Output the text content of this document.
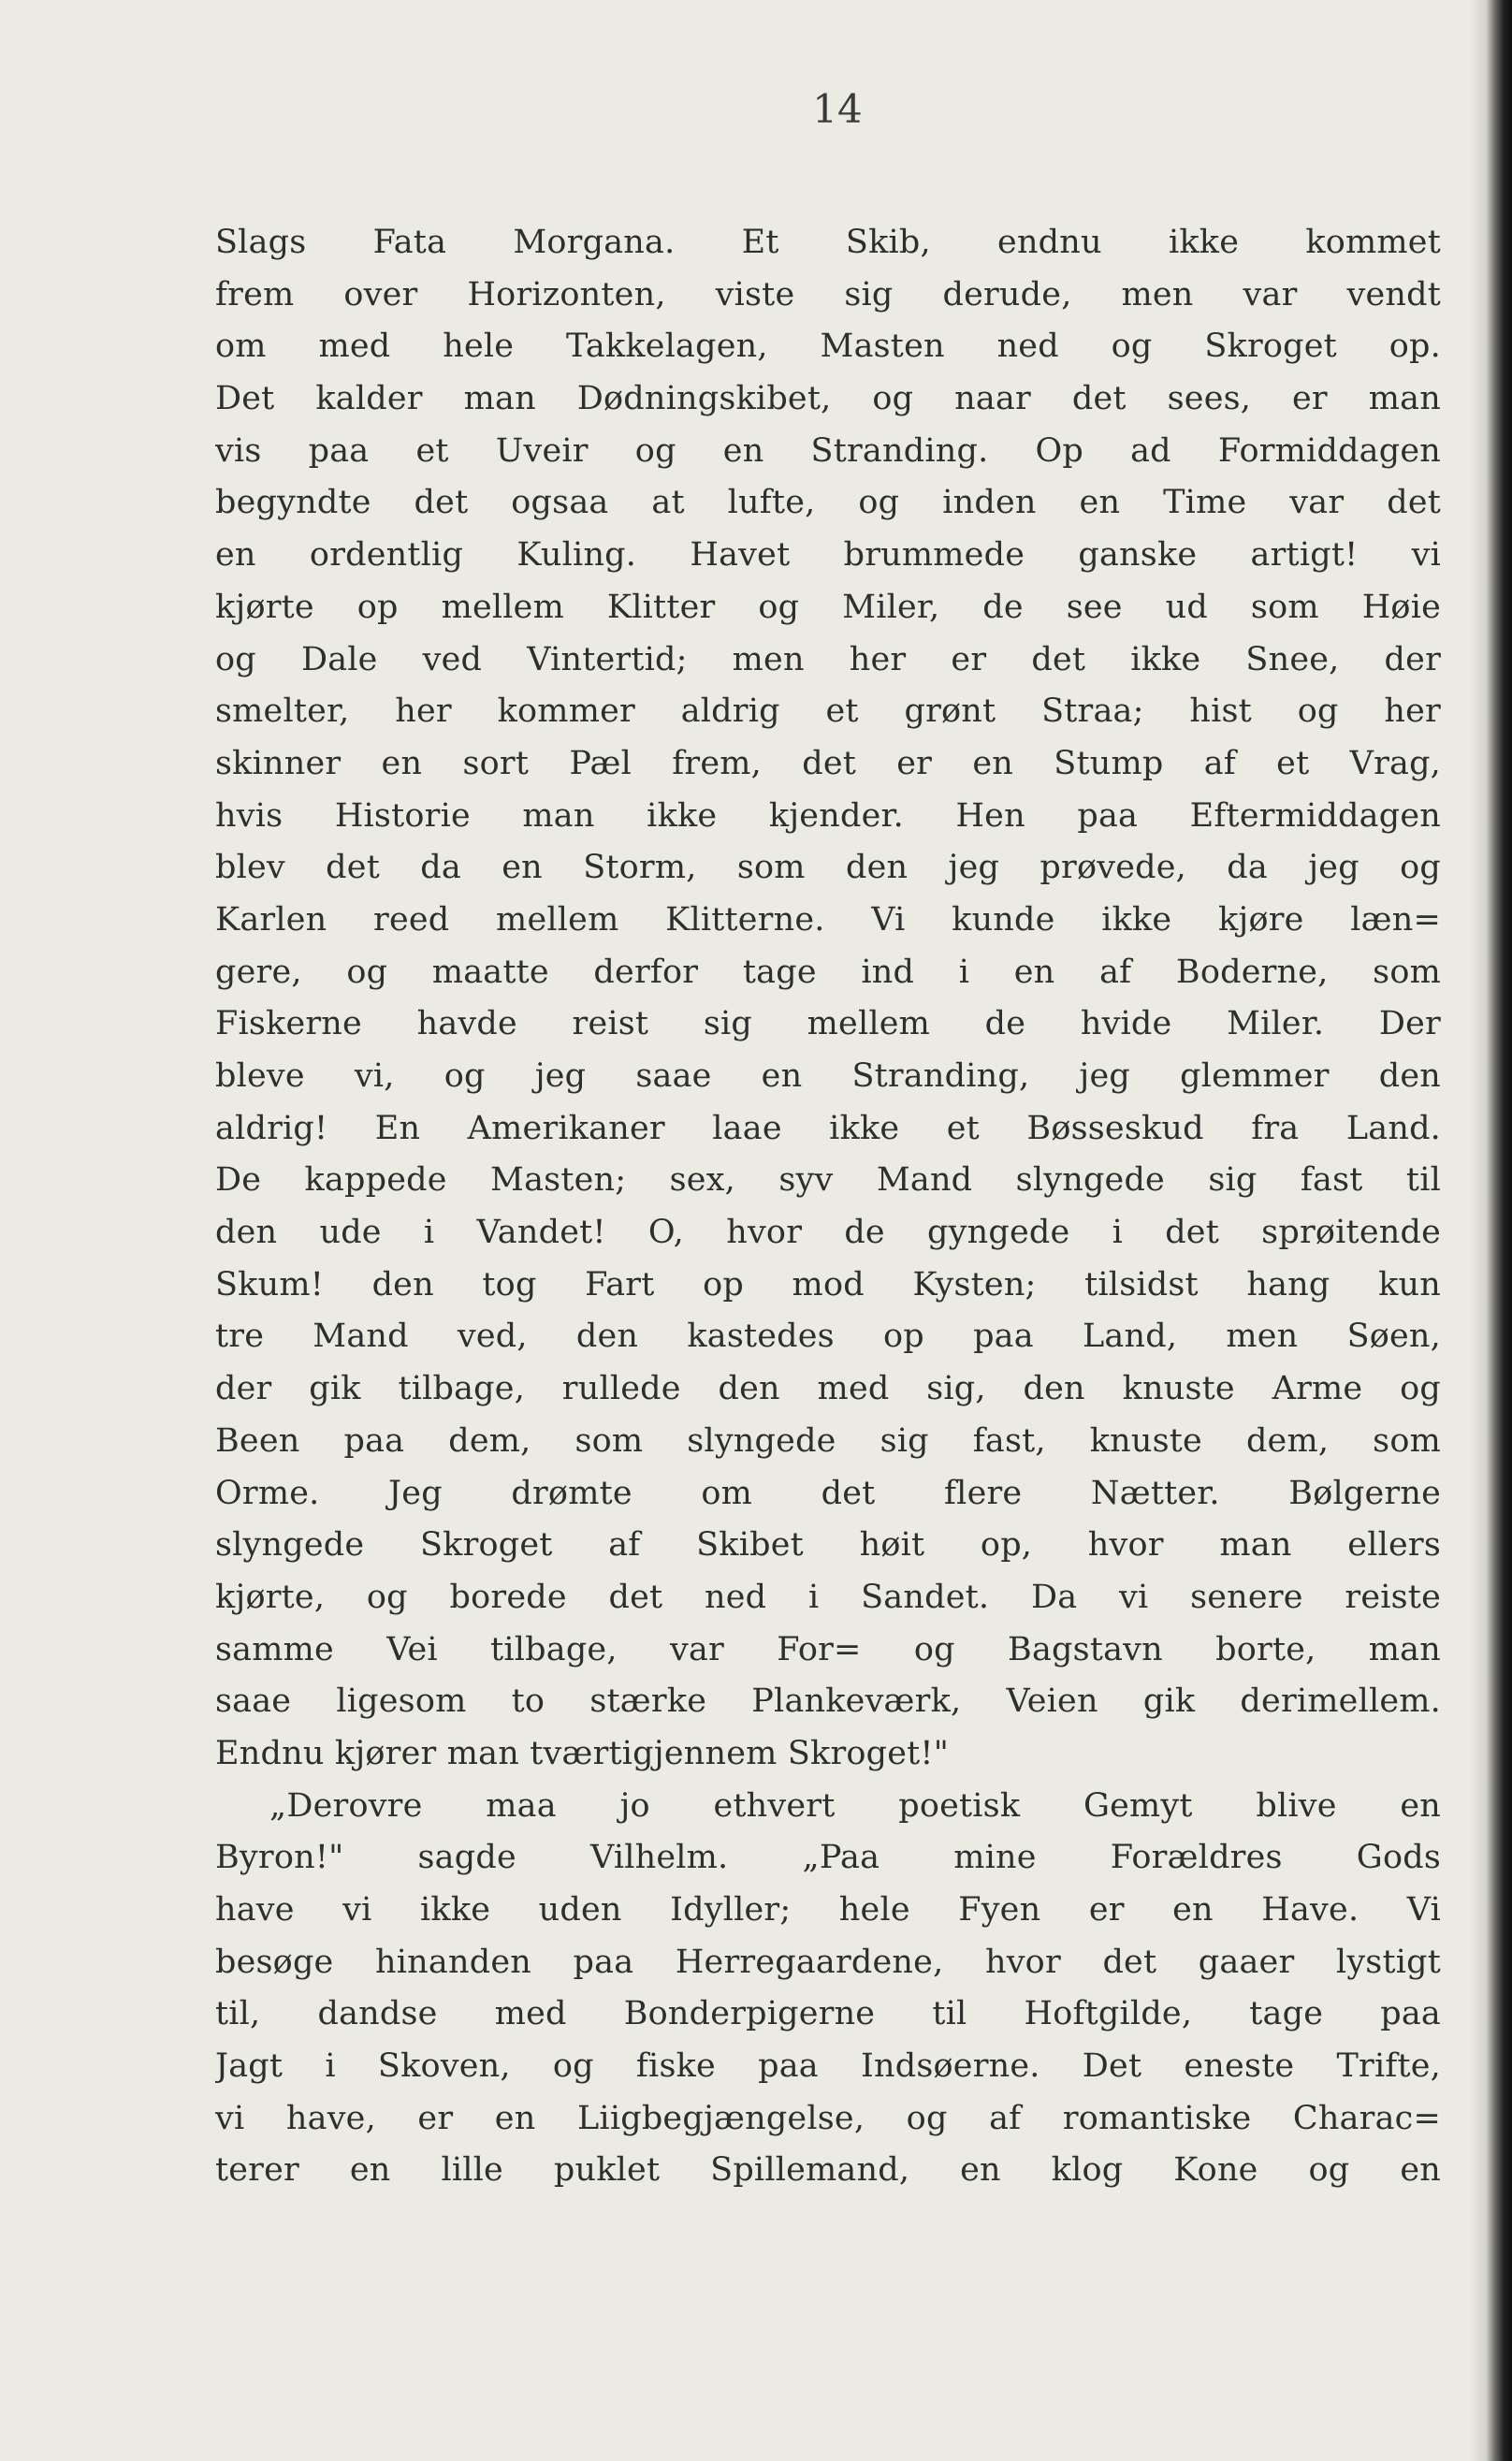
14
Slags Fata Morgana. Et Skib, endnu ikke kommet
frem over Horizonten, viste sig derude, men var vendt
om med hele Takkelagen, Masten ned og Skroget op.
Det kalder man Dødningskibet, og naar det sees, er man
vis paa et Uveir og en Stranding. Op ad Formiddagen
begyndte det ogsaa at lufte, og inden en Time var det
en ordentlig Kuling. Havet brummede ganske artigt! vi
kjørte op mellem Klitter og Miler, de see ud som Høie
og Dale ved Vintertid; men her er det ikke Snee, der
smelter, her kommer aldrig et grønt Straa; hist og her
skinner en sort Pæl frem, det er en Stump af et Vrag,
hvis Historie man ikke kjender. Hen paa Eftermiddagen
blev det da en Storm, som den jeg prøvede, da jeg og
Karlen reed mellem Klitterne. Vi kunde ikke kjøre læn=
gere, og maatte derfor tage ind i en af Boderne, som
Fiskerne havde reist sig mellem de hvide Miler. Der
blevе vi, og jeg saae en Stranding, jeg glemmer den
aldrig! En Amerikaner laae ikke et Bøsseskud fra Land.
De kappede Masten; sex, syv Mand slyngede sig fast til
den ude i Vandet! O, hvor de gyngede i det sprøitende
Skum! den tog Fart op mod Kysten; tilsidst hang kun
tre Mand ved, den kastedes op paa Land, men Søen,
der gik tilbage, rullede den med sig, den knuste Arme og
Been paa dem, som slyngede sig fast, knuste dem, som
Orme. Jeg drømte om det flere Nætter. Bølgerne
slyngede Skroget af Skibet høit op, hvor man ellers
kjørte, og borede det ned i Sandet. Da vi senere reiste
samme Vei tilbage, var For= og Bagstavn borte, man
saae ligesom to stærke Plankeværk, Veien gik derimellem.
Endnu kjører man tværtigjennem Skroget!"
„Derovre maa jo ethvert poetisk Gemyt blive en
Byron!" sagde Vilhelm. „Paa mine Forældres Gods
have vi ikke uden Idyller; hele Fyen er en Have. Vi
besøge hinanden paa Herregaardene, hvor det gaaer lystigt
til, dandse med Bonderpigerne til Hoftgilde, tage paa
Jagt i Skoven, og fiske paa Indsøerne. Det eneste Trifte,
vi have, er en Liigbegjængelse, og af romantiske Charac=
terer en lille puklet Spillemand, en klog Kone og en
